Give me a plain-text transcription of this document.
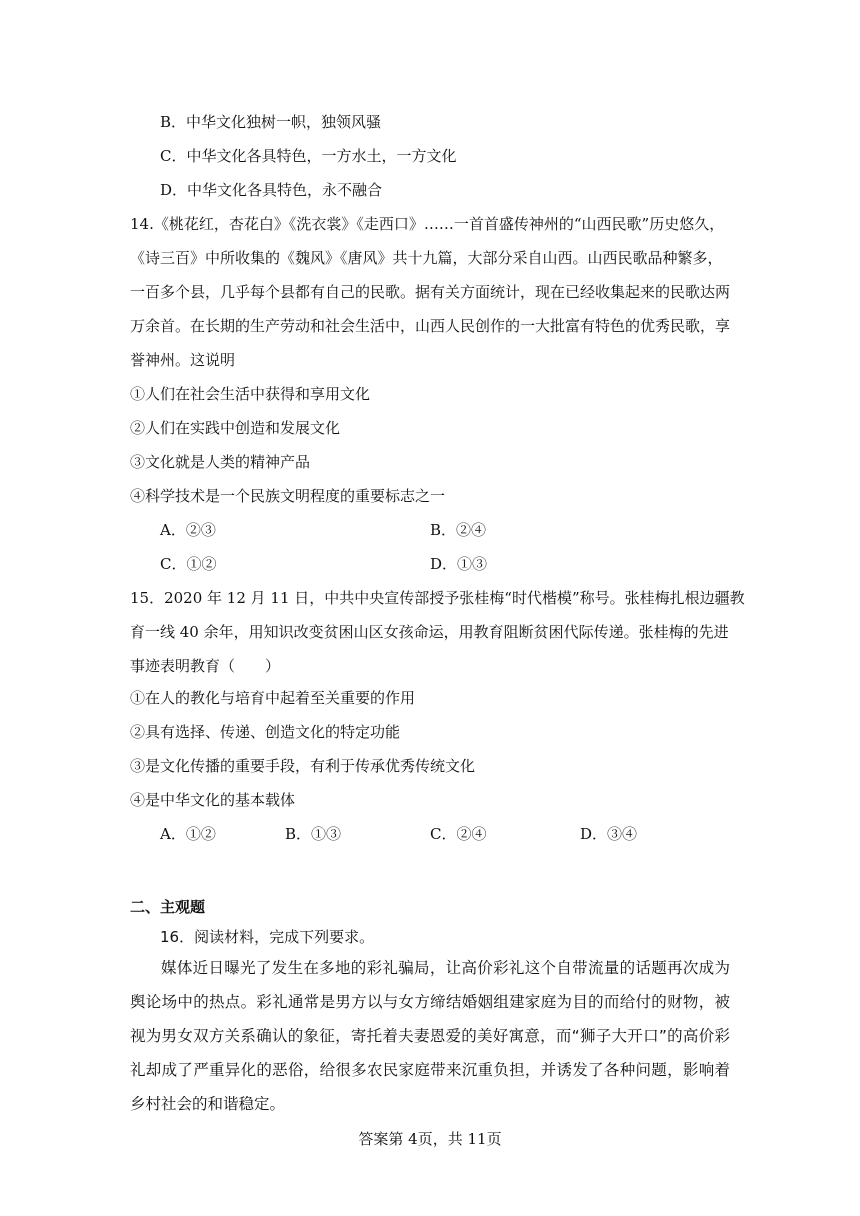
B．中华文化独树一帜，独领风骚
C．中华文化各具特色，一方水土，一方文化
D．中华文化各具特色，永不融合
14.《桃花红，杏花白》《洗衣裳》《走西口》……一首首盛传神州的“山西民歌”历史悠久，
《诗三百》中所收集的《魏风》《唐风》共十九篇，大部分采自山西。山西民歌品种繁多，
一百多个县，几乎每个县都有自己的民歌。据有关方面统计，现在已经收集起来的民歌达两
万余首。在长期的生产劳动和社会生活中，山西人民创作的一大批富有特色的优秀民歌，享
誉神州。这说明
①人们在社会生活中获得和享用文化
②人们在实践中创造和发展文化
③文化就是人类的精神产品
④科学技术是一个民族文明程度的重要标志之一
A．②③	B．②④
C．①②	D．①③
15．2020 年 12 月 11 日，中共中央宣传部授予张桂梅“时代楷模”称号。张桂梅扎根边疆教
育一线 40 余年，用知识改变贫困山区女孩命运，用教育阻断贫困代际传递。张桂梅的先进
事迹表明教育（　　）
①在人的教化与培育中起着至关重要的作用
②具有选择、传递、创造文化的特定功能
③是文化传播的重要手段，有利于传承优秀传统文化
④是中华文化的基本载体
A．①②	B．①③	C．②④	D．③④
二、主观题
16．阅读材料，完成下列要求。
媒体近日曝光了发生在多地的彩礼骗局，让高价彩礼这个自带流量的话题再次成为舆论场中的热点。彩礼通常是男方以与女方缔结婚姻组建家庭为目的而给付的财物，被视为男女双方关系确认的象征，寄托着夫妻恩爱的美好寓意，而“狮子大开口”的高价彩礼却成了严重异化的恶俗，给很多农民家庭带来沉重负担，并诱发了各种问题，影响着乡村社会的和谐稳定。
答案第 4页，共 11页
